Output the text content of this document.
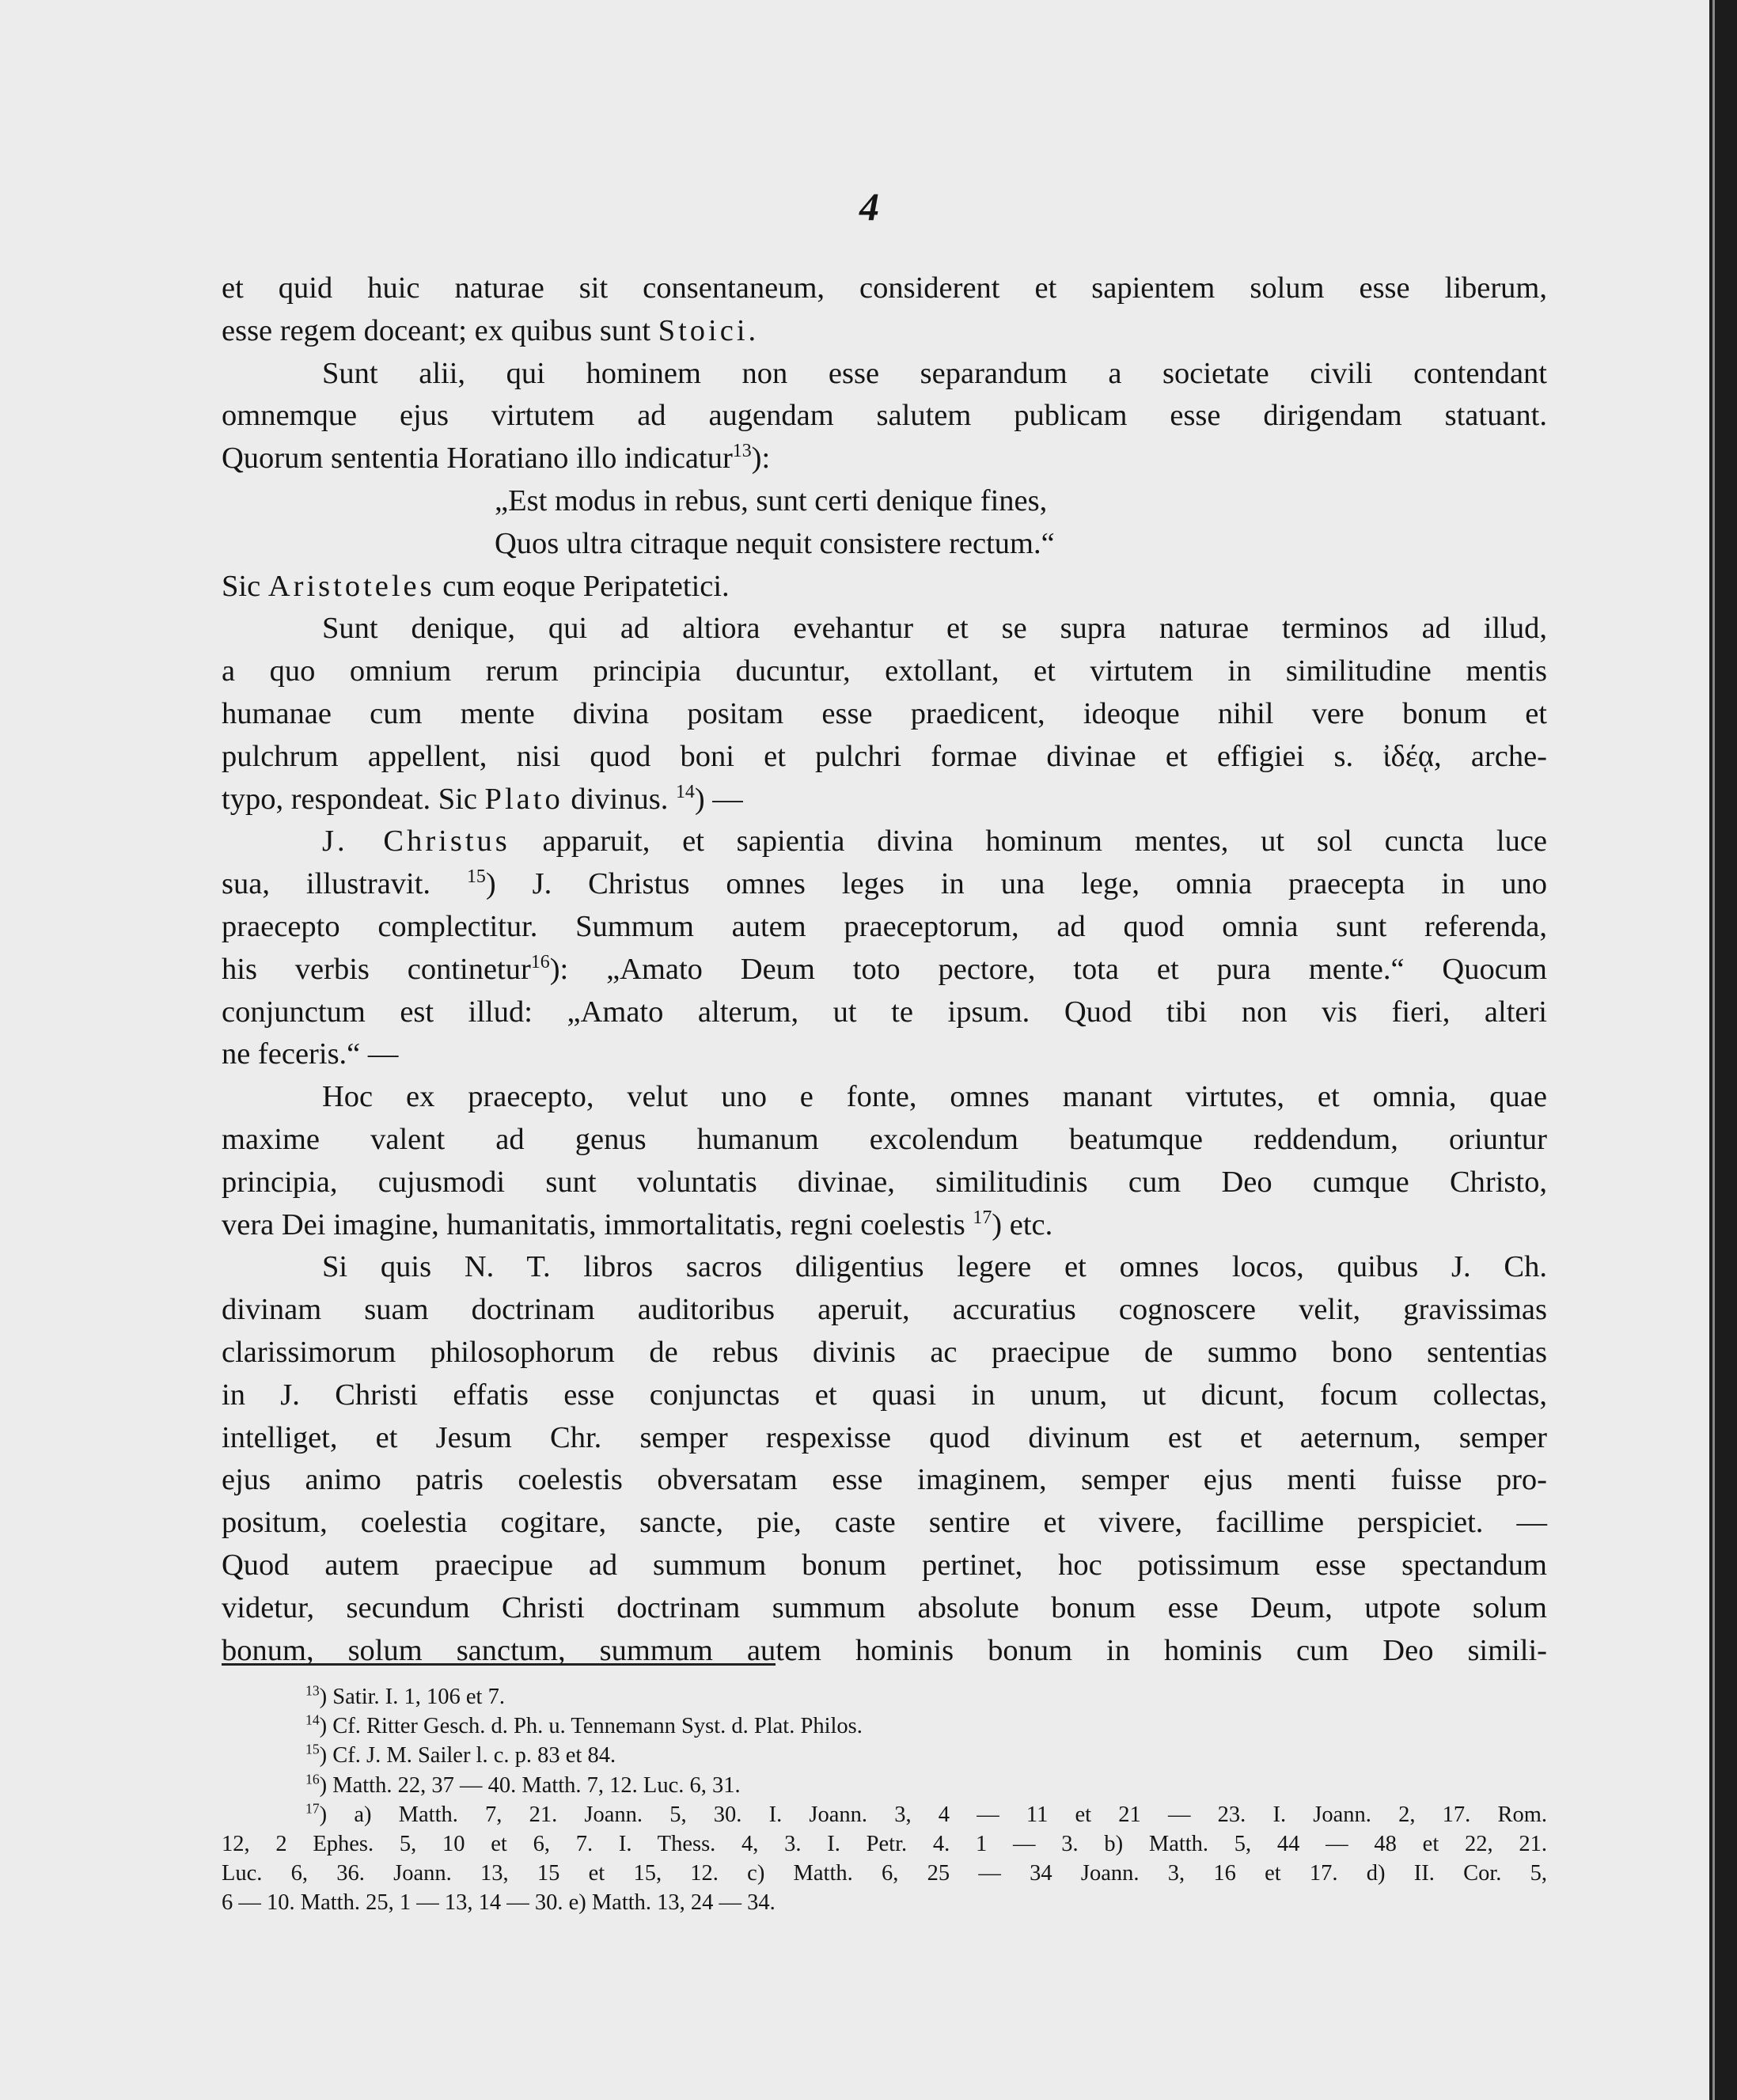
4
et quid huic naturae sit consentaneum, considerent et sapientem solum esse liberum,
esse regem doceant; ex quibus sunt Stoici.
Sunt alii, qui hominem non esse separandum a societate civili contendant
omnemque ejus virtutem ad augendam salutem publicam esse dirigendam statuant.
Quorum sententia Horatiano illo indicatur$^{13}$):
„Est modus in rebus, sunt certi denique fines,
Quos ultra citraque nequit consistere rectum.“
Sic Aristoteles cum eoque Peripatetici.
Sunt denique, qui ad altiora evehantur et se supra naturae terminos ad illud,
a quo omnium rerum principia ducuntur, extollant, et virtutem in similitudine mentis
humanae cum mente divina positam esse praedicent, ideoque nihil vere bonum et
pulchrum appellent, nisi quod boni et pulchri formae divinae et effigiei s. ἰδέᾳ, arche-
typo, respondeat. Sic Plato divinus. $^{14}$) —
J. Christus apparuit, et sapientia divina hominum mentes, ut sol cuncta luce
sua, illustravit. $^{15}$) J. Christus omnes leges in una lege, omnia praecepta in uno
praecepto complectitur. Summum autem praeceptorum, ad quod omnia sunt referenda,
his verbis continetur$^{16}$): „Amato Deum toto pectore, tota et pura mente.“ Quocum
conjunctum est illud: „Amato alterum, ut te ipsum. Quod tibi non vis fieri, alteri
ne feceris.“ —
Hoc ex praecepto, velut uno e fonte, omnes manant virtutes, et omnia, quae
maxime valent ad genus humanum excolendum beatumque reddendum, oriuntur
principia, cujusmodi sunt voluntatis divinae, similitudinis cum Deo cumque Christo,
vera Dei imagine, humanitatis, immortalitatis, regni coelestis $^{17}$) etc.
Si quis N. T. libros sacros diligentius legere et omnes locos, quibus J. Ch.
divinam suam doctrinam auditoribus aperuit, accuratius cognoscere velit, gravissimas
clarissimorum philosophorum de rebus divinis ac praecipue de summo bono sententias
in J. Christi effatis esse conjunctas et quasi in unum, ut dicunt, focum collectas,
intelliget, et Jesum Chr. semper respexisse quod divinum est et aeternum, semper
ejus animo patris coelestis obversatam esse imaginem, semper ejus menti fuisse pro-
positum, coelestia cogitare, sancte, pie, caste sentire et vivere, facillime perspiciet. —
Quod autem praecipue ad summum bonum pertinet, hoc potissimum esse spectandum
videtur, secundum Christi doctrinam summum absolute bonum esse Deum, utpote solum
bonum, solum sanctum, summum autem hominis bonum in hominis cum Deo simili-
$^{13}$) Satir. I. 1, 106 et 7.
$^{14}$) Cf. Ritter Gesch. d. Ph. u. Tennemann Syst. d. Plat. Philos.
$^{15}$) Cf. J. M. Sailer l. c. p. 83 et 84.
$^{16}$) Matth. 22, 37 — 40. Matth. 7, 12. Luc. 6, 31.
$^{17}$) a) Matth. 7, 21. Joann. 5, 30. I. Joann. 3, 4 — 11 et 21 — 23. I. Joann. 2, 17. Rom.
12, 2 Ephes. 5, 10 et 6, 7. I. Thess. 4, 3. I. Petr. 4. 1 — 3. b) Matth. 5, 44 — 48 et 22, 21.
Luc. 6, 36. Joann. 13, 15 et 15, 12. c) Matth. 6, 25 — 34 Joann. 3, 16 et 17. d) II. Cor. 5,
6 — 10. Matth. 25, 1 — 13, 14 — 30. e) Matth. 13, 24 — 34.
